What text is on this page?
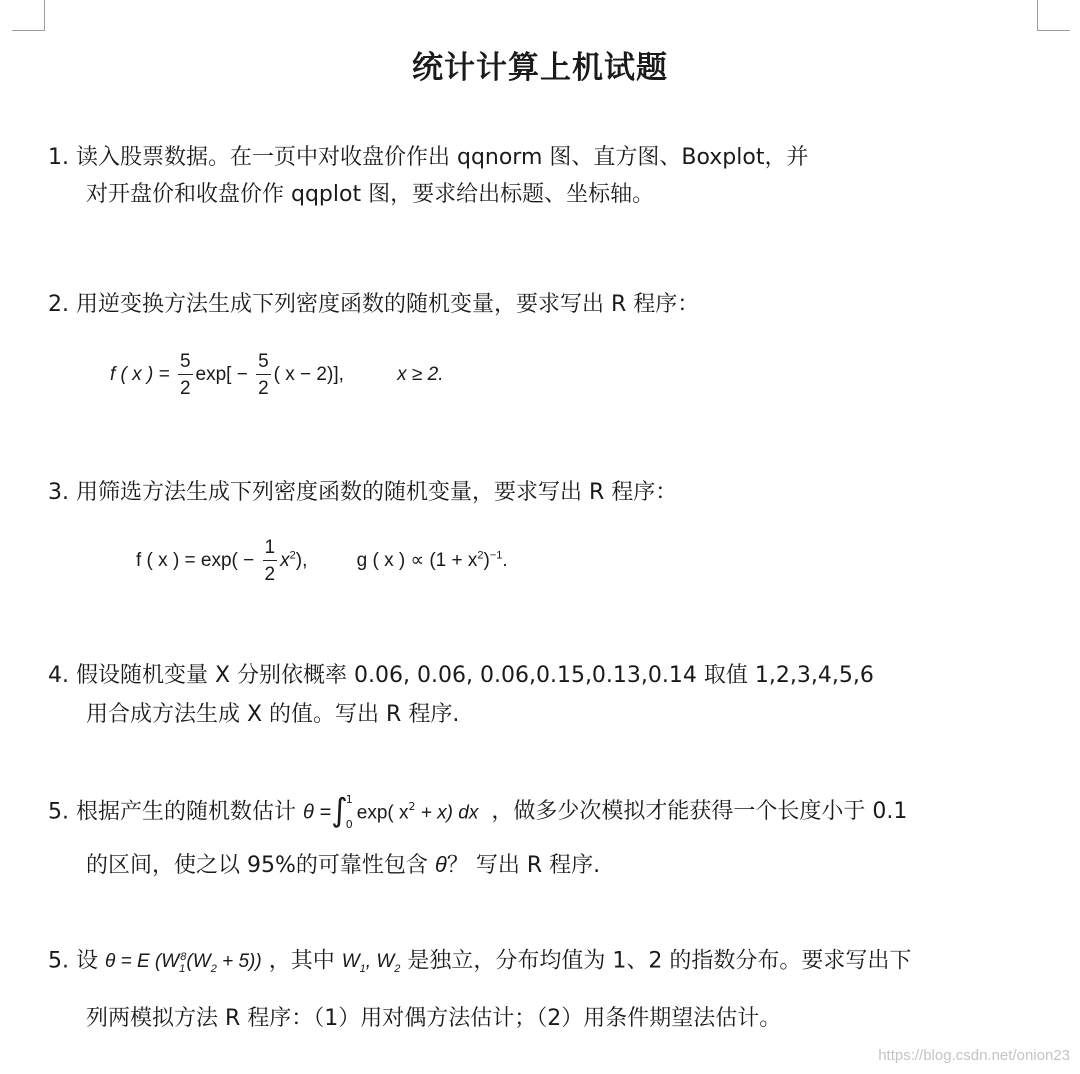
统计计算上机试题
1. 读入股票数据。在一页中对收盘价作出 qqnorm 图、直方图、Boxplot，并
对开盘价和收盘价作 qqplot 图，要求给出标题、坐标轴。
2. 用逆变换方法生成下列密度函数的随机变量，要求写出 R 程序：
f ( x ) = $\frac{5}{2} \exp[ - \frac{5}{2}$ ( x − 2)],	x ≥ 2.
3. 用筛选方法生成下列密度函数的随机变量，要求写出 R 程序：
f ( x ) = $\exp( - \frac{1}{2} x^2)$,	g ( x ) ∝ $(1 + x^2)^{-1}$.
4. 假设随机变量 X 分别依概率 0.06, 0.06, 0.06,0.15,0.13,0.14 取值 1,2,3,4,5,6
用合成方法生成 X 的值。写出 R 程序.
5. 根据产生的随机数估计 θ =∫
1
0
exp( $x^2 + x$) dx ，做多少次模拟才能获得一个长度小于 0.1
的区间，使之以 95%的可靠性包含 θ？ 写出 R 程序.
5. 设 θ = E $(W_1^8(W_2 + 5))$ ，其中 $W_1$, $W_2$ 是独立，分布均值为 1、2 的指数分布。要求写出下
列两模拟方法 R 程序：（1）用对偶方法估计；（2）用条件期望法估计。
https://blog.csdn.net/onion23
